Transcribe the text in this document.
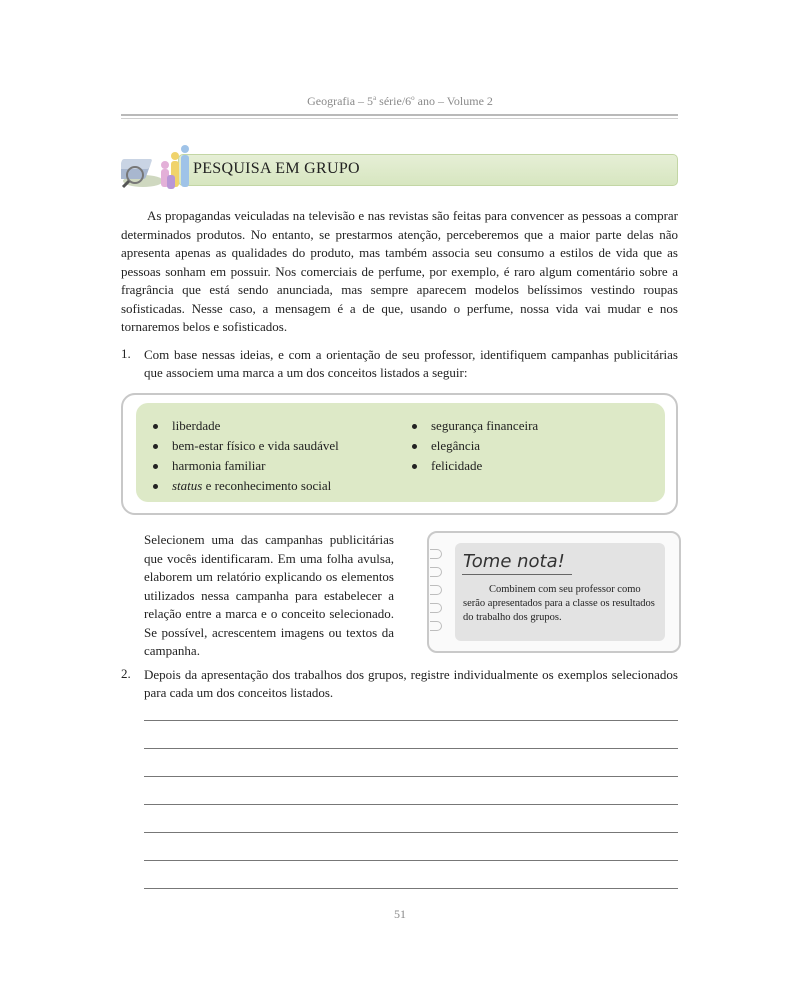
Geografia – 5$^a$ série/6$^o$ ano – Volume 2
PESQUISA EM GRUPO

As propagandas veiculadas na televisão e nas revistas são feitas para convencer as pessoas a comprar determinados produtos. No entanto, se prestarmos atenção, perceberemos que a maior parte delas não apresenta apenas as qualidades do produto, mas também associa seu consumo a estilos de vida que as pessoas sonham em possuir. Nos comerciais de perfume, por exemplo, é raro algum comentário sobre a fragrância que está sendo anunciada, mas sempre aparecem modelos belíssimos vestindo roupas sofisticadas. Nesse caso, a mensagem é a de que, usando o perfume, nossa vida vai mudar e nos tornaremos belos e sofisticados.

1. Com base nessas ideias, e com a orientação de seu professor, identifiquem campanhas publicitárias que associem uma marca a um dos conceitos listados a seguir:

liberdade
bem-estar físico e vida saudável
harmonia familiar
status e reconhecimento social
segurança financeira
elegância
felicidade

Selecionem uma das campanhas publicitárias que vocês identificaram. Em uma folha avulsa, elaborem um relatório explicando os elementos utilizados nessa campanha para estabelecer a relação entre a marca e o conceito selecionado. Se possível, acrescentem imagens ou textos da campanha.

Tome nota!

Combinem com seu professor como serão apresentados para a classe os resultados do trabalho dos grupos.

2. Depois da apresentação dos trabalhos dos grupos, registre individualmente os exemplos selecionados para cada um dos conceitos listados.

51
